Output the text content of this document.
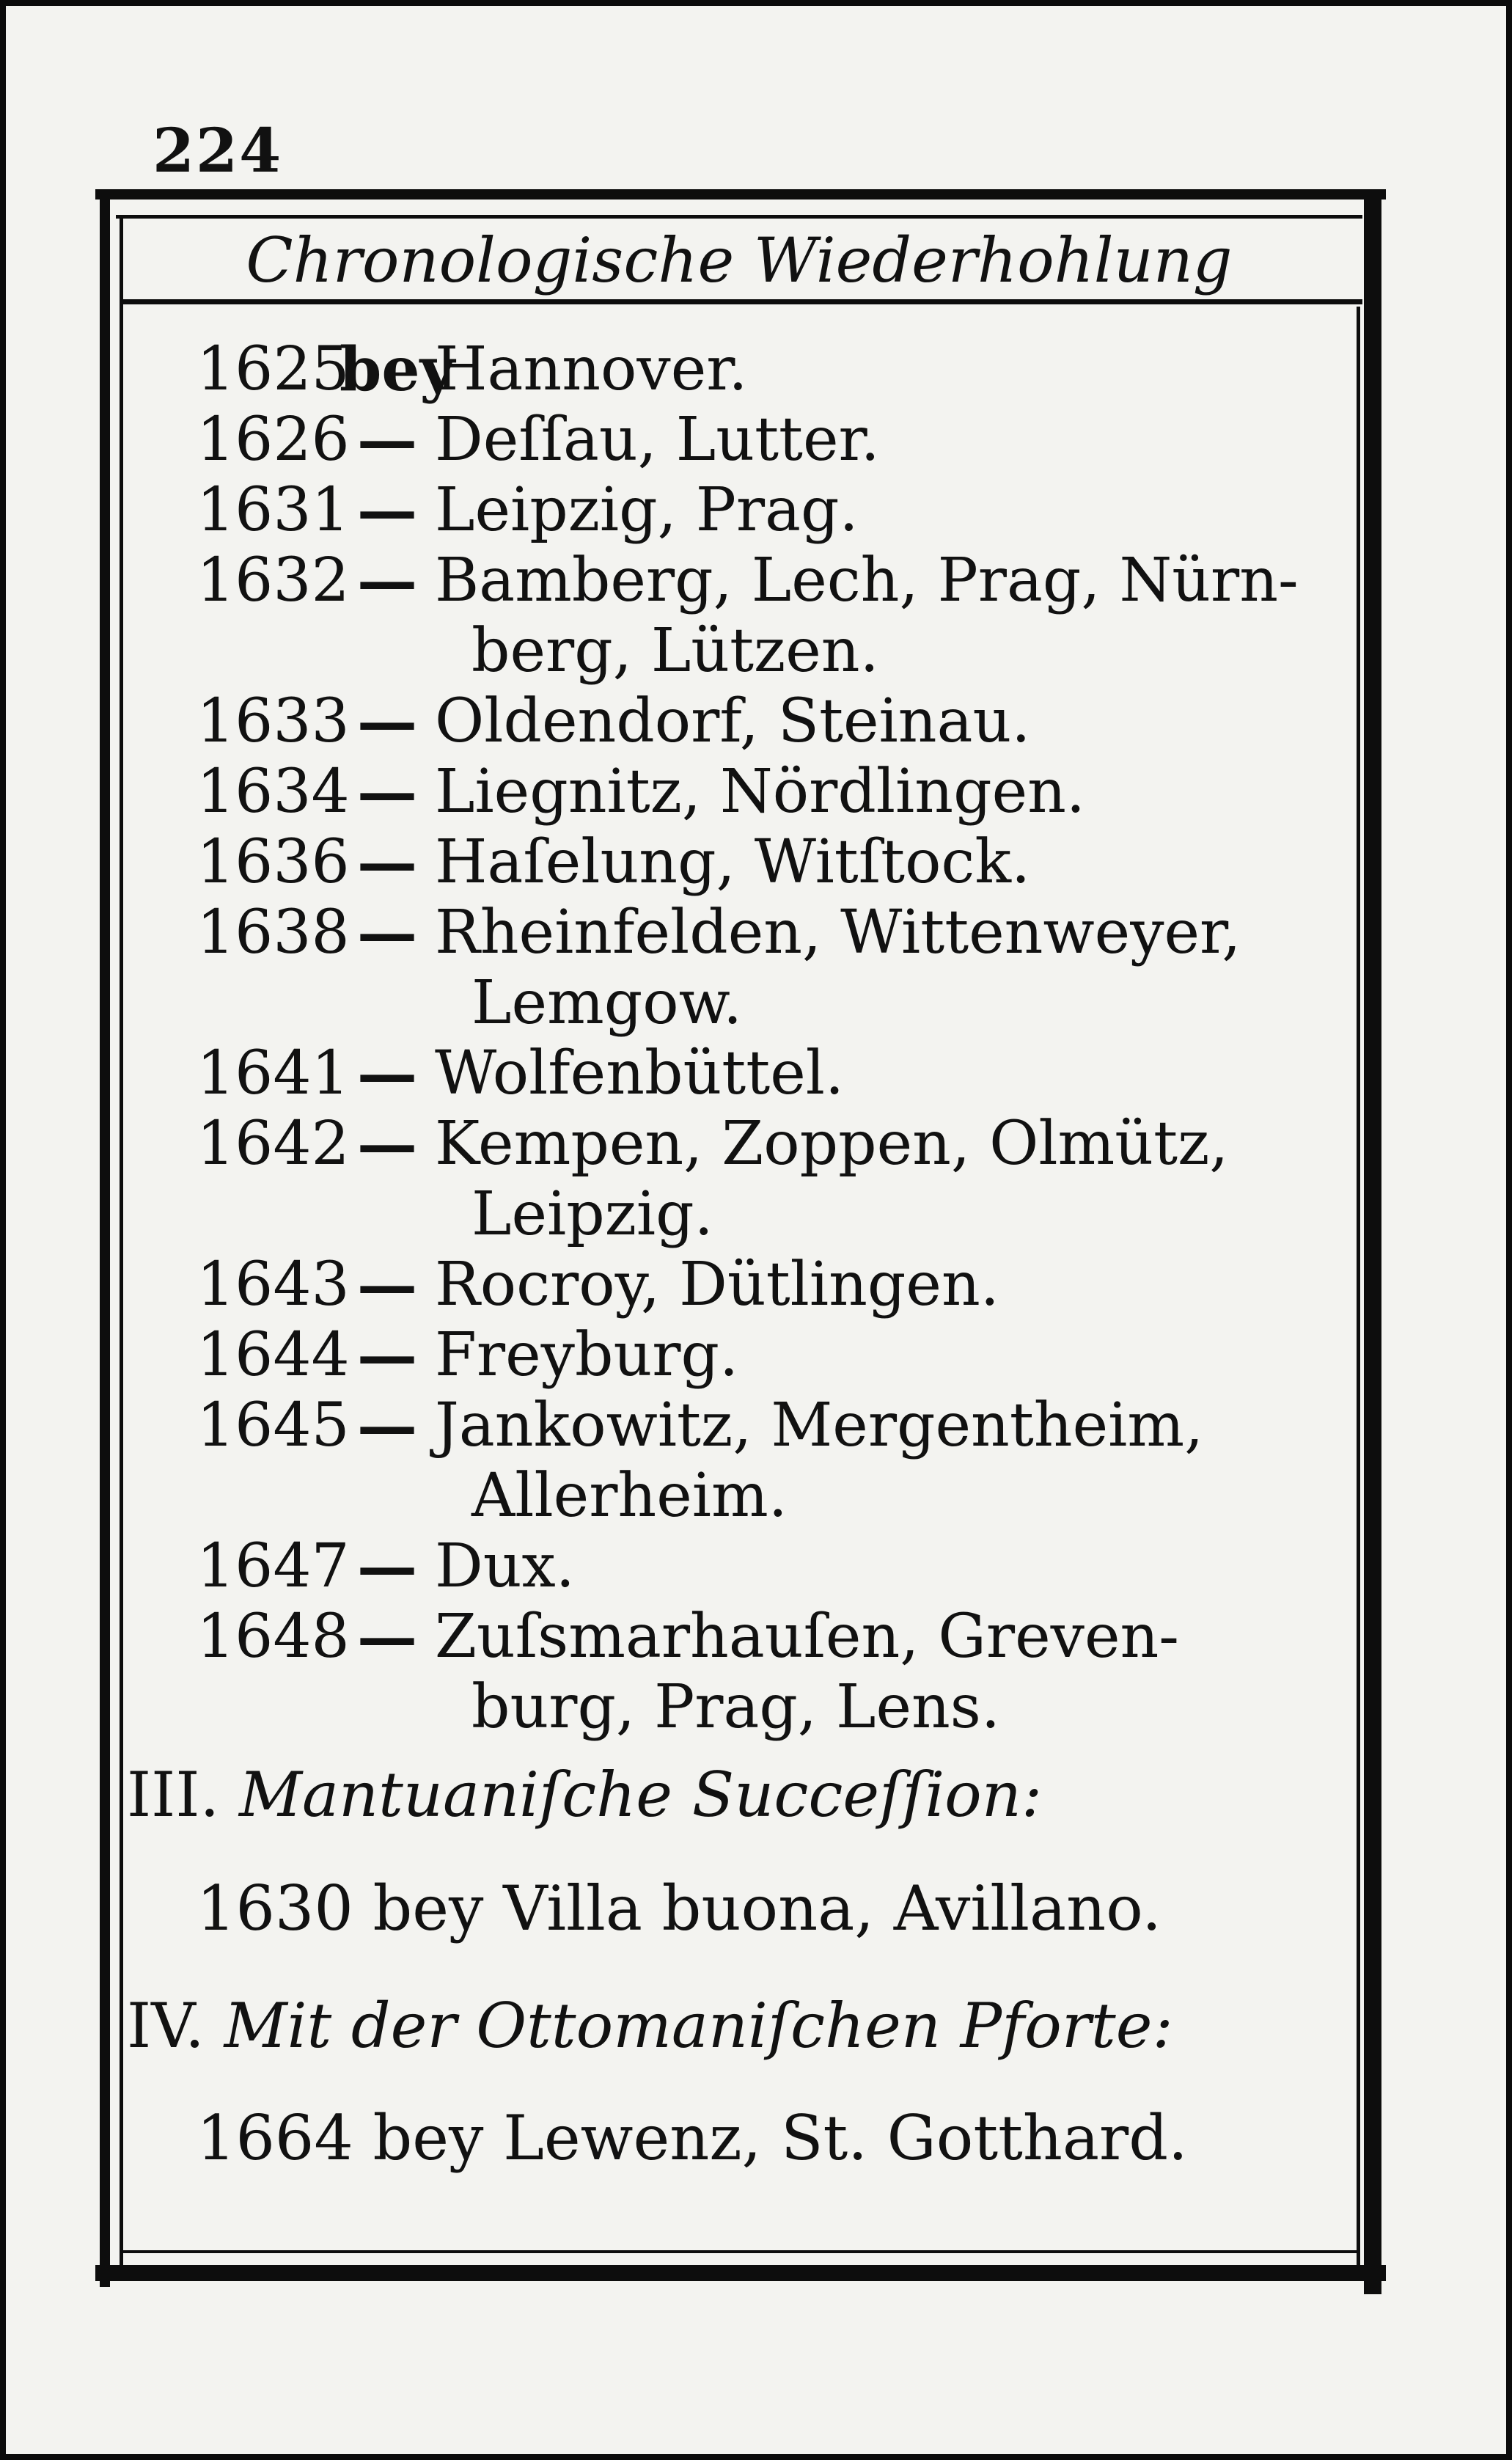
224
Chronologische Wiederhohlung
1625
bey
Hannover.
1626 — Deſſau, Lutter.
1631 — Leipzig, Prag.
1632 — Bamberg, Lech, Prag, Nürn-
berg, Lützen.
1633 — Oldendorf, Steinau.
1634 — Liegnitz, Nördlingen.
1636 — Haſelung, Witſtock.
1638 — Rheinfelden, Wittenweyer,
Lemgow.
1641 — Wolfenbüttel.
1642 — Kempen, Zoppen, Olmütz,
Leipzig.
1643 — Rocroy, Dütlingen.
1644 — Freyburg.
1645 — Jankowitz, Mergentheim,
Allerheim.
1647 — Dux.
1648 — Zuſsmarhauſen, Greven-
burg, Prag, Lens.
III. Mantuaniſche Succeſſion:
1630 bey Villa buona, Avillano.
IV. Mit der Ottomaniſchen Pforte:
1664 bey Lewenz, St. Gotthard.
